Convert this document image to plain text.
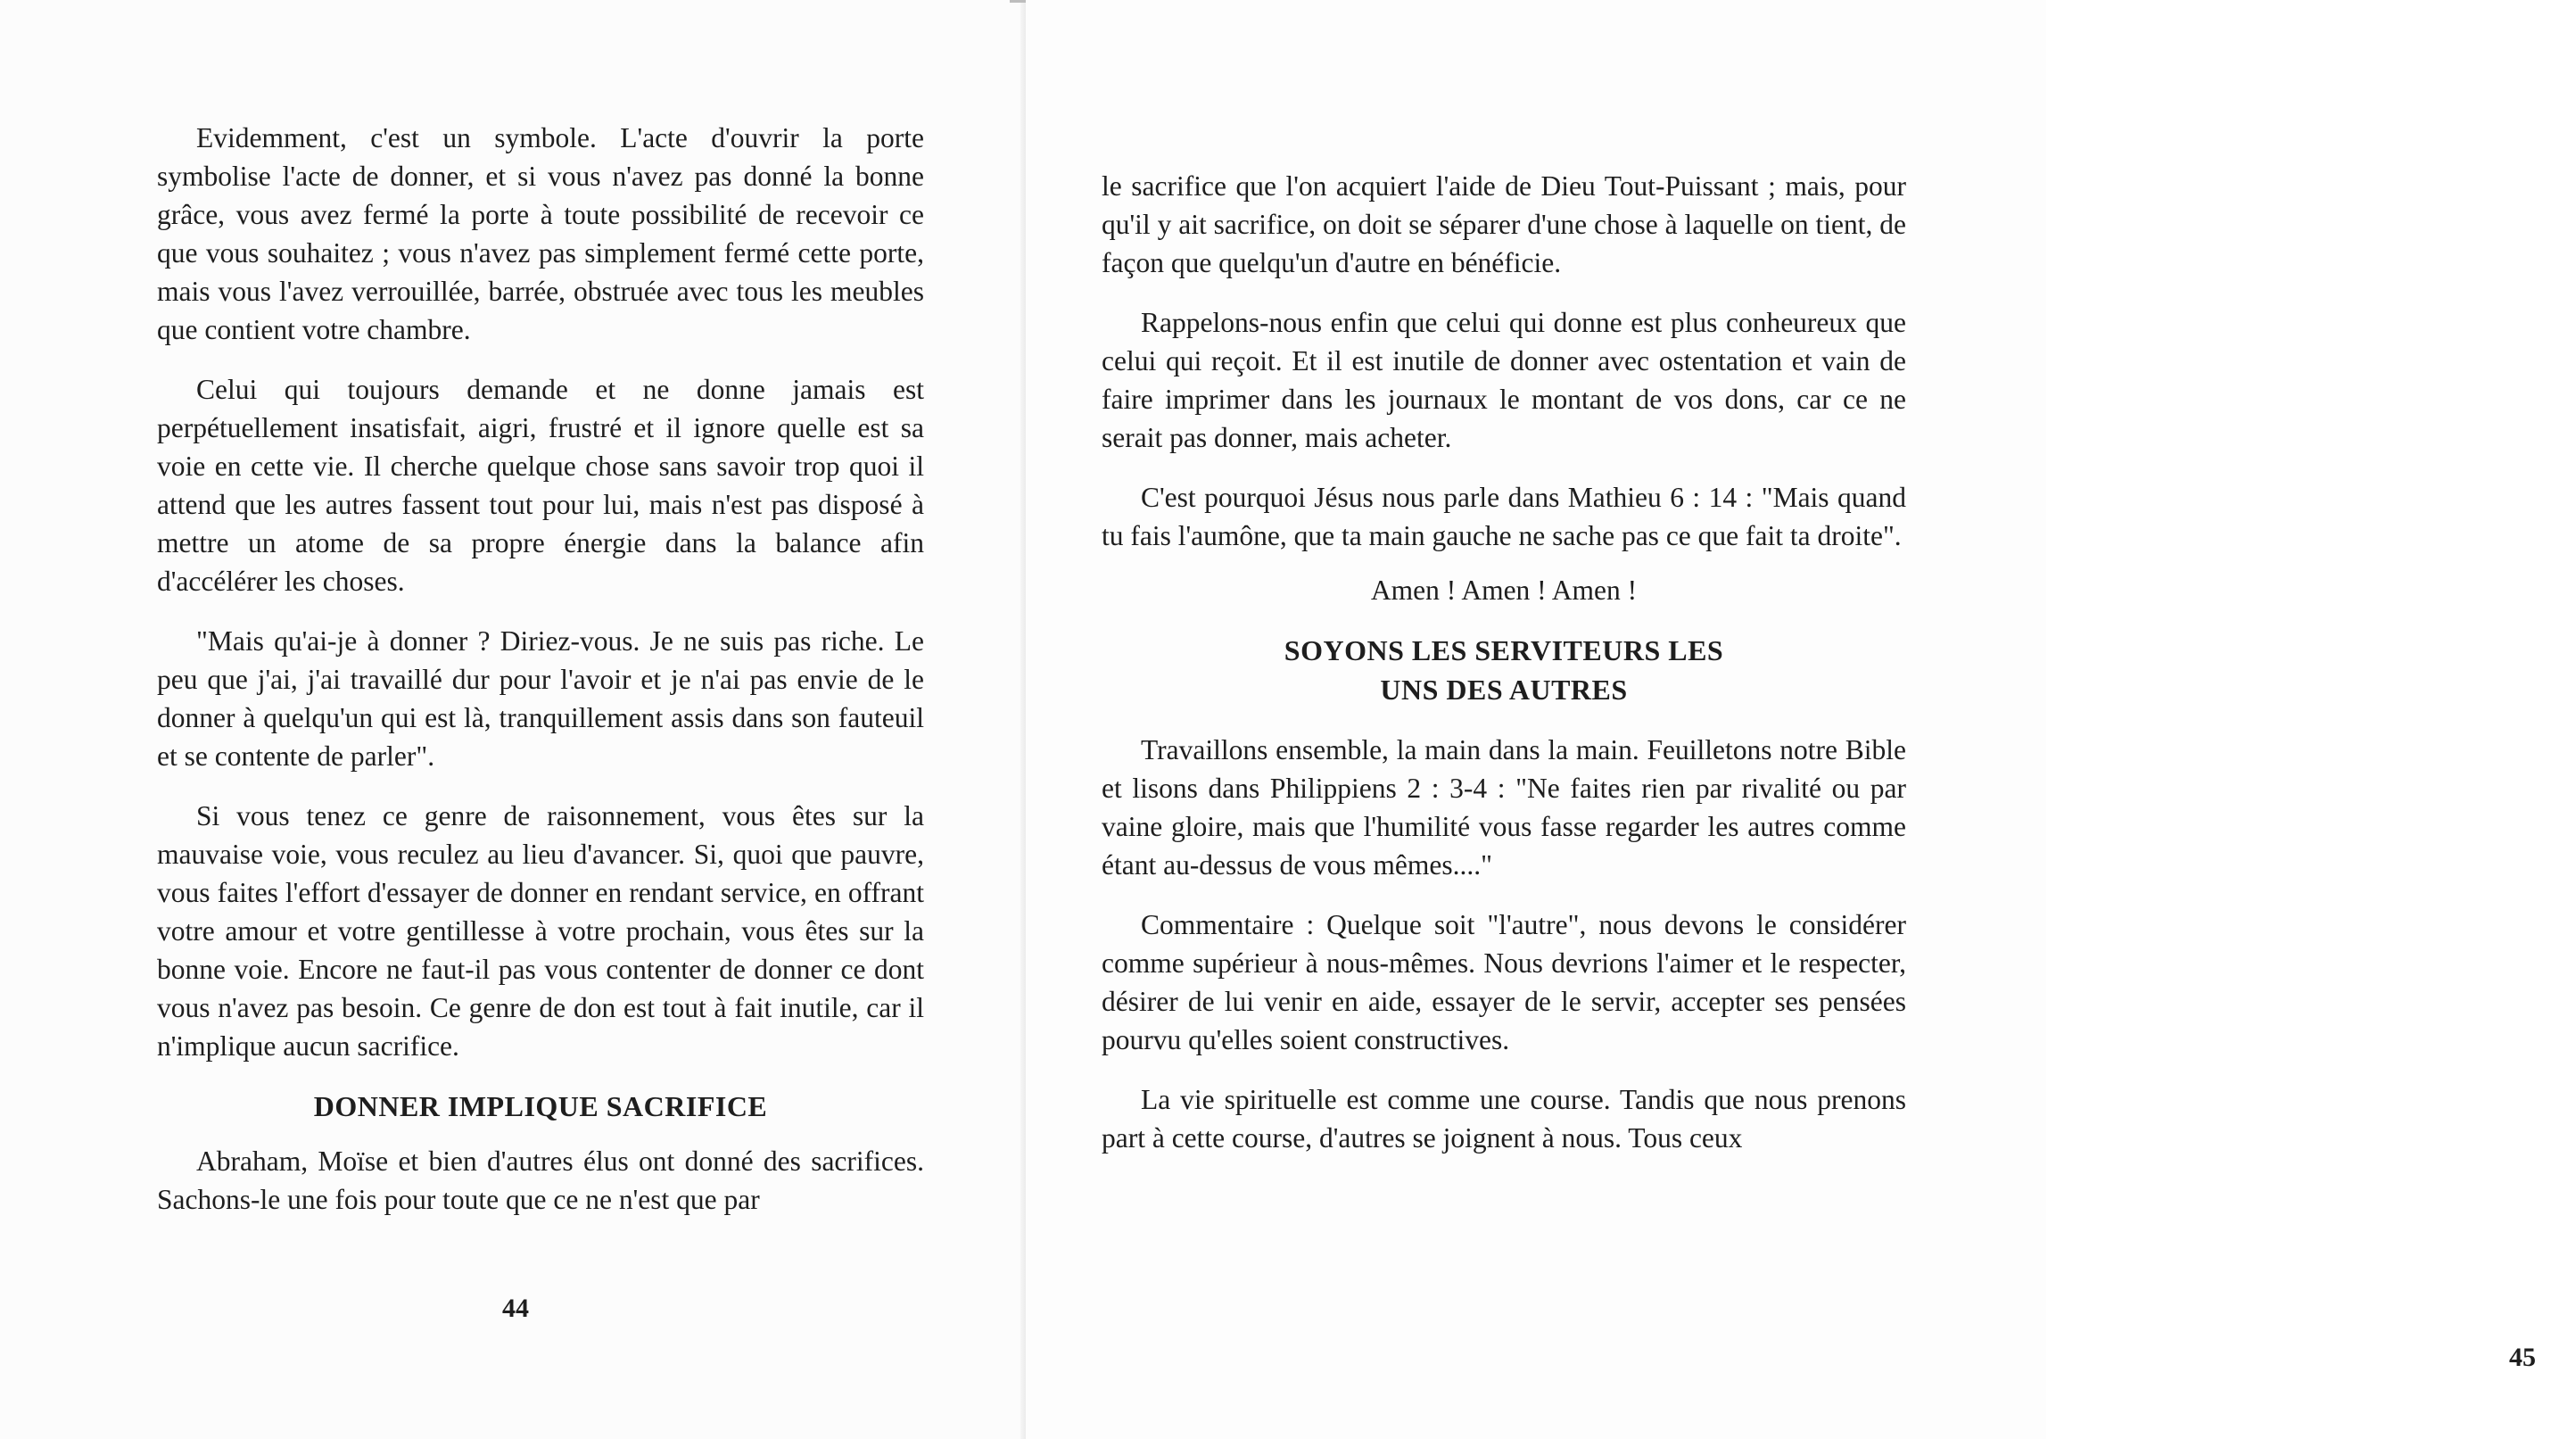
Evidemment, c'est un symbole. L'acte d'ouvrir la porte symbolise l'acte de donner, et si vous n'avez pas donné la bonne grâce, vous avez fermé la porte à toute possibilité de recevoir ce que vous souhaitez ; vous n'avez pas simplement fermé cette porte, mais vous l'avez verrouillée, barrée, obstruée avec tous les meubles que contient votre chambre.

Celui qui toujours demande et ne donne jamais est perpétuellement insatisfait, aigri, frustré et il ignore quelle est sa voie en cette vie. Il cherche quelque chose sans savoir trop quoi il attend que les autres fassent tout pour lui, mais n'est pas disposé à mettre un atome de sa propre énergie dans la balance afin d'accélérer les choses.

"Mais qu'ai-je à donner ? Diriez-vous. Je ne suis pas riche. Le peu que j'ai, j'ai travaillé dur pour l'avoir et je n'ai pas envie de le donner à quelqu'un qui est là, tranquillement assis dans son fauteuil et se contente de parler".

Si vous tenez ce genre de raisonnement, vous êtes sur la mauvaise voie, vous reculez au lieu d'avancer. Si, quoi que pauvre, vous faites l'effort d'essayer de donner en rendant service, en offrant votre amour et votre gentillesse à votre prochain, vous êtes sur la bonne voie. Encore ne faut-il pas vous contenter de donner ce dont vous n'avez pas besoin. Ce genre de don est tout à fait inutile, car il n'implique aucun sacrifice.

DONNER IMPLIQUE SACRIFICE

Abraham, Moïse et bien d'autres élus ont donné des sacrifices. Sachons-le une fois pour toute que ce ne n'est que par

44
45

le sacrifice que l'on acquiert l'aide de Dieu Tout-Puissant ; mais, pour qu'il y ait sacrifice, on doit se séparer d'une chose à laquelle on tient, de façon que quelqu'un d'autre en bénéficie.

Rappelons-nous enfin que celui qui donne est plus conheureux que celui qui reçoit. Et il est inutile de donner avec ostentation et vain de faire imprimer dans les journaux le montant de vos dons, car ce ne serait pas donner, mais acheter.

C'est pourquoi Jésus nous parle dans Mathieu 6 : 14 : "Mais quand tu fais l'aumône, que ta main gauche ne sache pas ce que fait ta droite".

Amen ! Amen ! Amen !

SOYONS LES SERVITEURS LES

UNS DES AUTRES

Travaillons ensemble, la main dans la main. Feuilletons notre Bible et lisons dans Philippiens 2 : 3-4 : "Ne faites rien par rivalité ou par vaine gloire, mais que l'humilité vous fasse regarder les autres comme étant au-dessus de vous mêmes...."

Commentaire : Quelque soit "l'autre", nous devons le considérer comme supérieur à nous-mêmes. Nous devrions l'aimer et le respecter, désirer de lui venir en aide, essayer de le servir, accepter ses pensées pourvu qu'elles soient constructives.

La vie spirituelle est comme une course. Tandis que nous prenons part à cette course, d'autres se joignent à nous. Tous ceux
